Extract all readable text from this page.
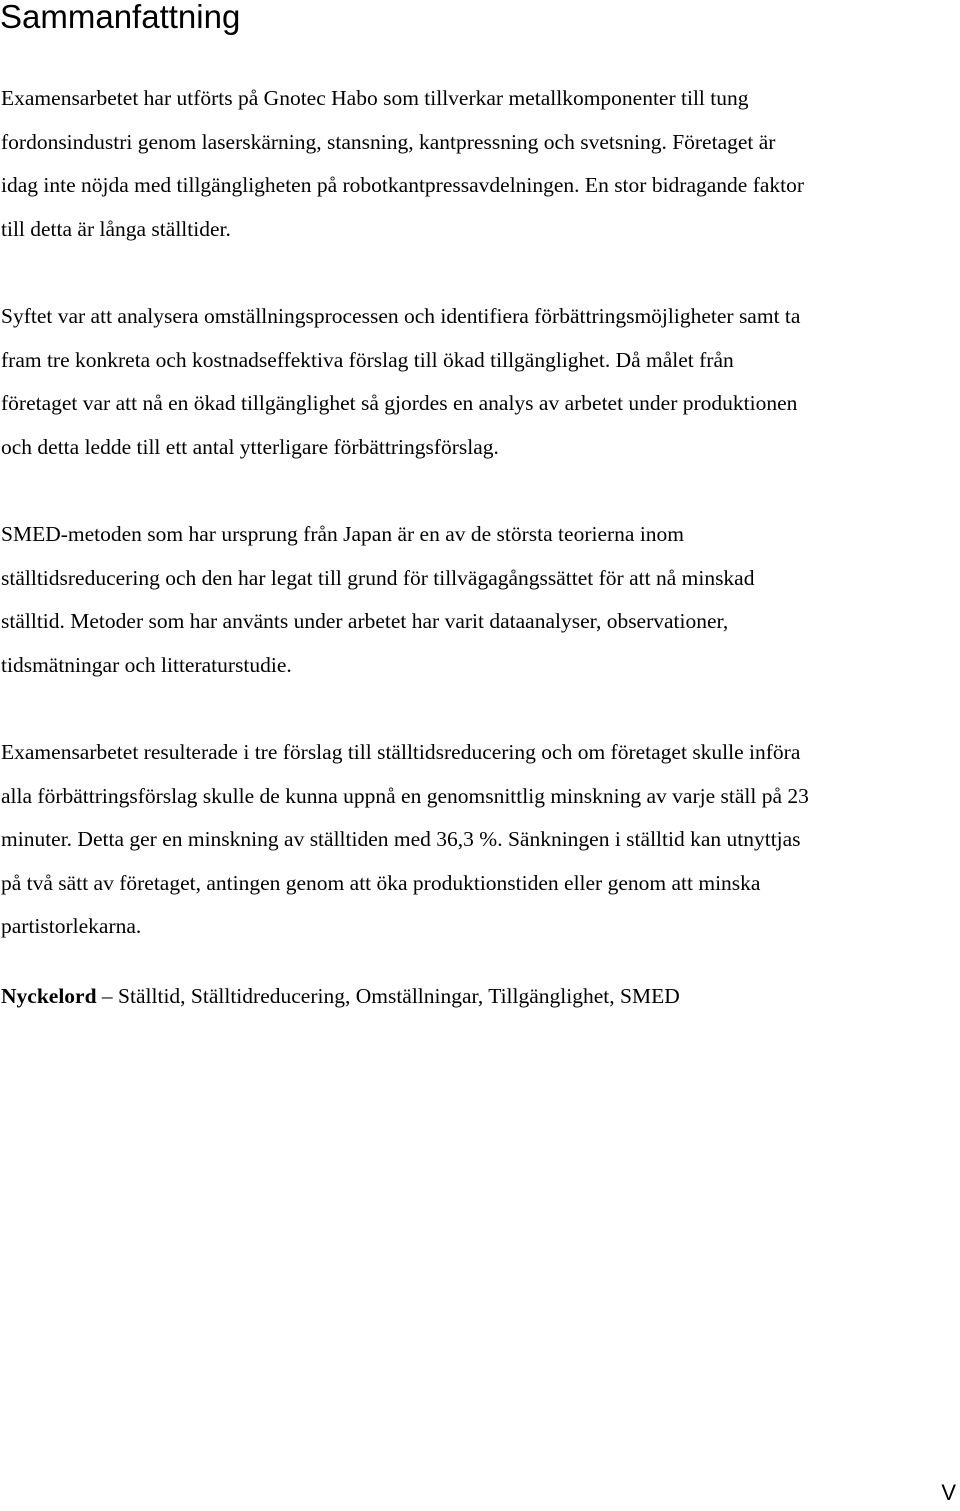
Sammanfattning

Examensarbetet har utförts på Gnotec Habo som tillverkar metallkomponenter till tung
fordonsindustri genom laserskärning, stansning, kantpressning och svetsning. Företaget är
idag inte nöjda med tillgängligheten på robotkantpressavdelningen. En stor bidragande faktor
till detta är långa ställtider.

Syftet var att analysera omställningsprocessen och identifiera förbättringsmöjligheter samt ta
fram tre konkreta och kostnadseffektiva förslag till ökad tillgänglighet. Då målet från
företaget var att nå en ökad tillgänglighet så gjordes en analys av arbetet under produktionen
och detta ledde till ett antal ytterligare förbättringsförslag.

SMED-metoden som har ursprung från Japan är en av de största teorierna inom
ställtidsreducering och den har legat till grund för tillvägagångssättet för att nå minskad
ställtid. Metoder som har använts under arbetet har varit dataanalyser, observationer,
tidsmätningar och litteraturstudie.

Examensarbetet resulterade i tre förslag till ställtidsreducering och om företaget skulle införa
alla förbättringsförslag skulle de kunna uppnå en genomsnittlig minskning av varje ställ på 23
minuter. Detta ger en minskning av ställtiden med 36,3 %. Sänkningen i ställtid kan utnyttjas
på två sätt av företaget, antingen genom att öka produktionstiden eller genom att minska
partistorlekarna.

Nyckelord – Ställtid, Ställtidreducering, Omställningar, Tillgänglighet, SMED

V
